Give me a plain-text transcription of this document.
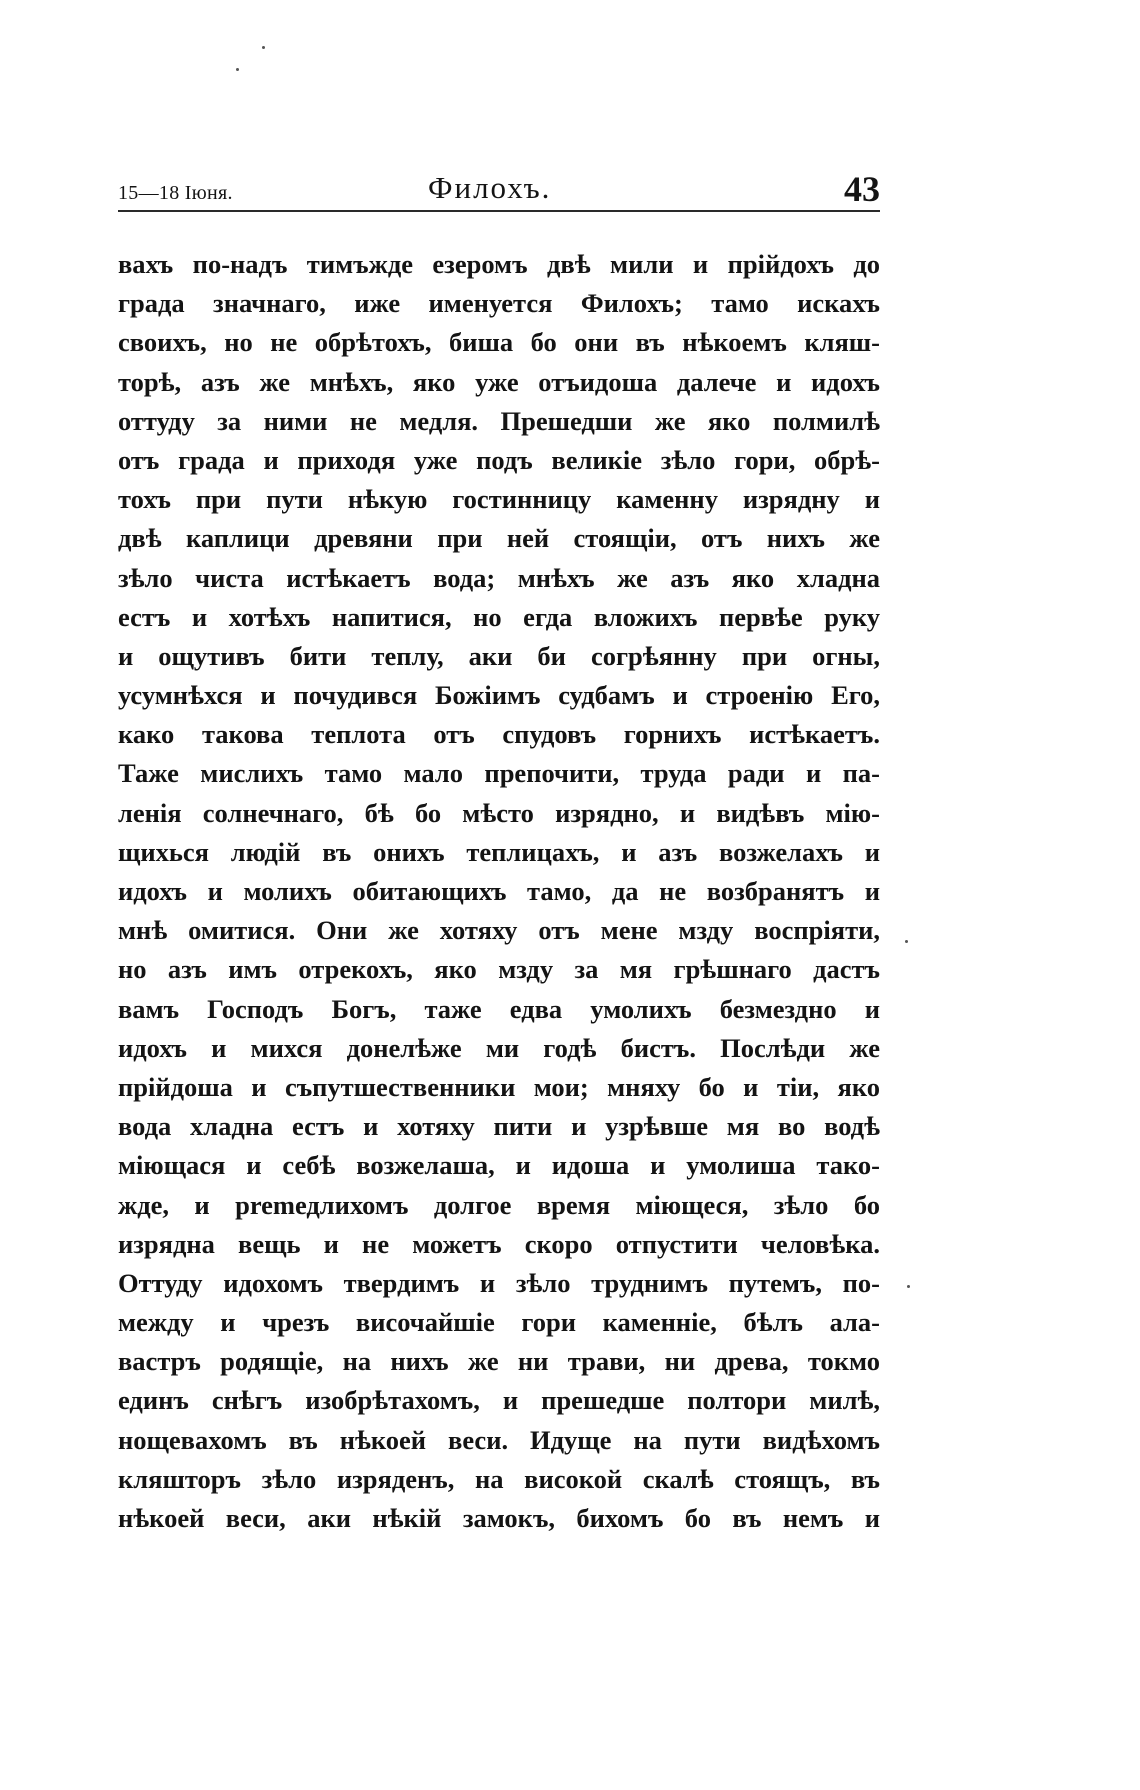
15—18 Іюня.	Филохъ.	43
вахъ по-надъ тимъжде езеромъ двѣ мили и прійдохъ до
града значнаго, иже именуется Филохъ; тамо искахъ
своихъ, но не обрѣтохъ, биша бо они въ нѣкоемъ кляш-
торѣ, азъ же мнѣхъ, яко уже отъидоша далече и идохъ
оттуду за ними не медля. Прешедши же яко полмилѣ
отъ града и приходя уже подъ великіе зѣло гори, обрѣ-
тохъ при пути нѣкую гостинницу каменну изрядну и
двѣ каплици древяни при ней стоящіи, отъ нихъ же
зѣло чиста истѣкаетъ вода; мнѣхъ же азъ яко хладна
естъ и хотѣхъ напитися, но егда вложихъ первѣе руку
и ощутивъ бити теплу, аки би согрѣянну при огны,
усумнѣхся и почудився Божіимъ судбамъ и строенію Его,
како такова теплота отъ спудовъ горнихъ истѣкаетъ.
Таже мислихъ тамо мало препочити, труда ради и па-
ленія солнечнаго, бѣ бо мѣсто изрядно, и видѣвъ мію-
щихься людій въ онихъ теплицахъ, и азъ возжелахъ и
идохъ и молихъ обитающихъ тамо, да не возбранятъ и
мнѣ омитися. Они же хотяху отъ мене мзду воспріяти,
но азъ имъ отрекохъ, яко мзду за мя грѣшнаго дастъ
вамъ Господъ Богъ, таже едва умолихъ безмездно и
идохъ и михся донелѣже ми годѣ бистъ. Послѣди же
прійдоша и съпутшественники мои; мняху бо и тіи, яко
вода хладна естъ и хотяху пити и узрѣвше мя во водѣ
міющася и себѣ возжелаша, и идоша и умолиша тако-
жде, и premедлихомъ долгое время міющеся, зѣло бо
изрядна вещь и не можетъ скоро отпустити человѣка.
Оттуду идохомъ твердимъ и зѣло труднимъ путемъ, по-
между и чрезъ височайшіе гори каменніе, бѣлъ ала-
вастръ родящіе, на нихъ же ни трави, ни древа, токмо
единъ снѣгъ изобрѣтахомъ, и прешедше полтори милѣ,
нощевахомъ въ нѣкоей веси. Идуще на пути видѣхомъ
кляшторъ зѣло изряденъ, на високой скалѣ стоящъ, въ
нѣкоей веси, аки нѣкій замокъ, бихомъ бо въ немъ и
